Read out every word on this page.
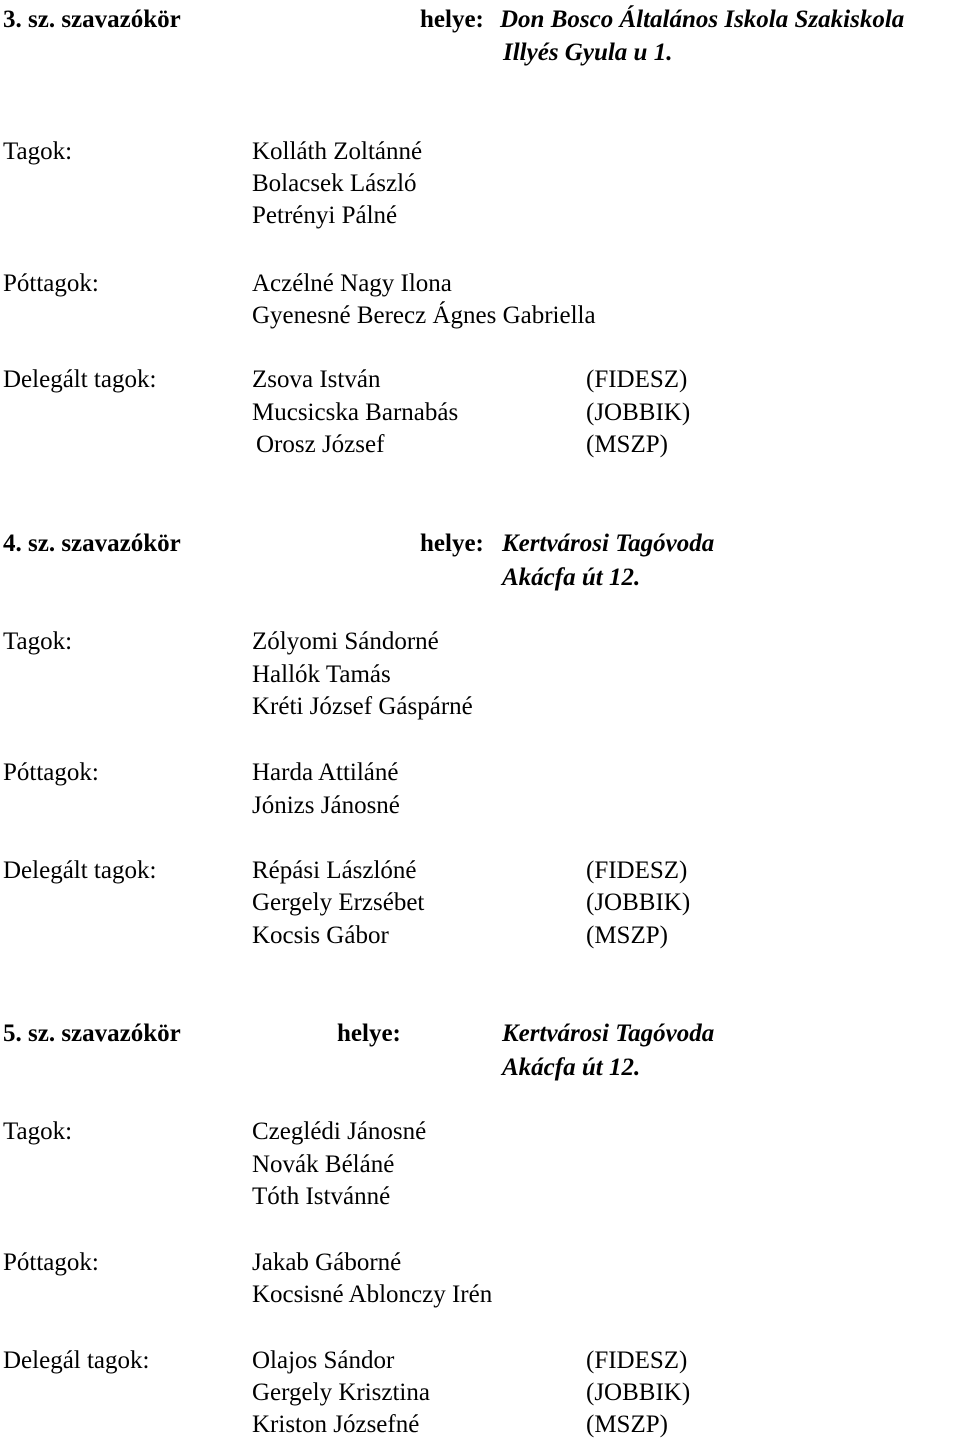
3. sz. szavazókör	helye: Don Bosco Általános Iskola Szakiskola

Illyés Gyula u 1.

Tagok:	Kolláth Zoltánné

Bolacsek László

Petrényi Pálné

Póttagok:	Aczélné Nagy Ilona

Gyenesné Berecz Ágnes Gabriella

Delegált tagok:	Zsova István	(FIDESZ)

Mucsicska Barnabás	(JOBBIK)

Orosz József	(MSZP)

4. sz. szavazókör	helye: Kertvárosi Tagóvoda

Akácfa út 12.

Tagok:	Zólyomi Sándorné

Hallók Tamás

Kréti József Gáspárné

Póttagok:	Harda Attiláné

Jónizs Jánosné

Delegált tagok:	Répási Lászlóné	(FIDESZ)

Gergely Erzsébet	(JOBBIK)

Kocsis Gábor	(MSZP)

5. sz. szavazókör	helye:	Kertvárosi Tagóvoda

Akácfa út 12.

Tagok:	Czeglédi Jánosné

Novák Béláné

Tóth Istvánné

Póttagok:	Jakab Gáborné

Kocsisné Ablonczy Irén

Delegál tagok:	Olajos Sándor	(FIDESZ)

Gergely Krisztina	(JOBBIK)

Kriston Józsefné	(MSZP)
